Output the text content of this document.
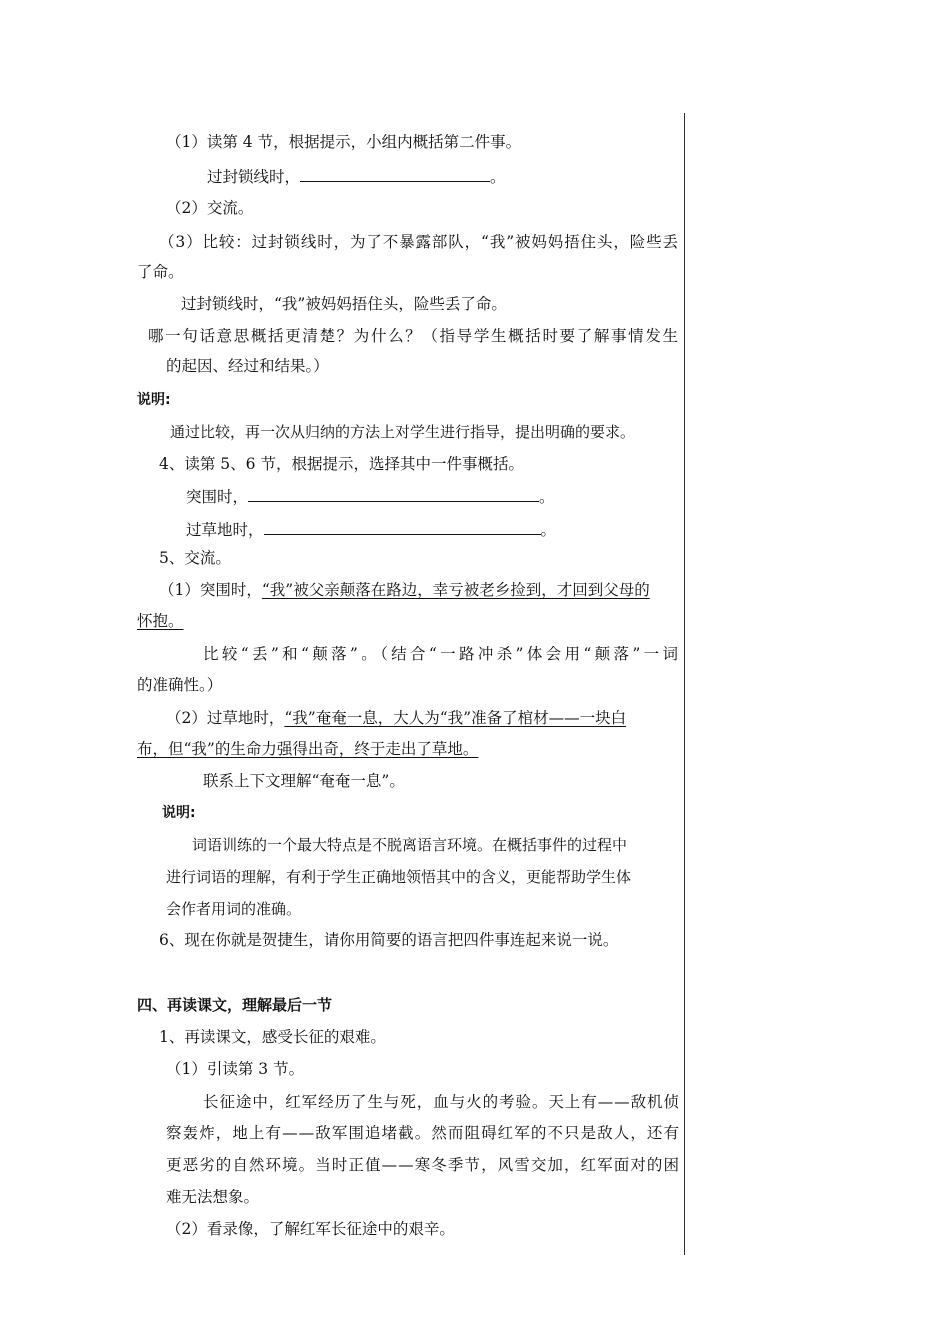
（1）读第 4 节，根据提示，小组内概括第二件事。
过封锁线时，	。
（2）交流。
（3）比较：过封锁线时，为了不暴露部队，“我”被妈妈捂住头，险些丢
了命。
过封锁线时，“我”被妈妈捂住头，险些丢了命。
哪一句话意思概括更清楚？为什么？（指导学生概括时要了解事情发生
的起因、经过和结果。）
说明:
通过比较，再一次从归纳的方法上对学生进行指导，提出明确的要求。
4、读第 5、6 节，根据提示，选择其中一件事概括。
突围时，	。
过草地时，	。
5、交流。
（1）突围时， “我”被父亲颠落在路边，幸亏被老乡捡到，才回到父母的
怀抱。
比较“丢”和“颠落”。（结合“一路冲杀”体会用“颠落”一词
的准确性。）
（2）过草地时， “我”奄奄一息，大人为“我”准备了棺材——一块白
布，但“我”的生命力强得出奇，终于走出了草地。
联系上下文理解“奄奄一息”。
说明:
词语训练的一个最大特点是不脱离语言环境。在概括事件的过程中
进行词语的理解，有利于学生正确地领悟其中的含义，更能帮助学生体
会作者用词的准确。
6、现在你就是贺捷生，请你用简要的语言把四件事连起来说一说。
四、再读课文，理解最后一节
1、再读课文，感受长征的艰难。
（1）引读第 3 节。
长征途中，红军经历了生与死，血与火的考验。天上有——敌机侦
察轰炸，地上有——敌军围追堵截。然而阻碍红军的不只是敌人，还有
更恶劣的自然环境。当时正值——寒冬季节，风雪交加，红军面对的困
难无法想象。
（2）看录像，了解红军长征途中的艰辛。
